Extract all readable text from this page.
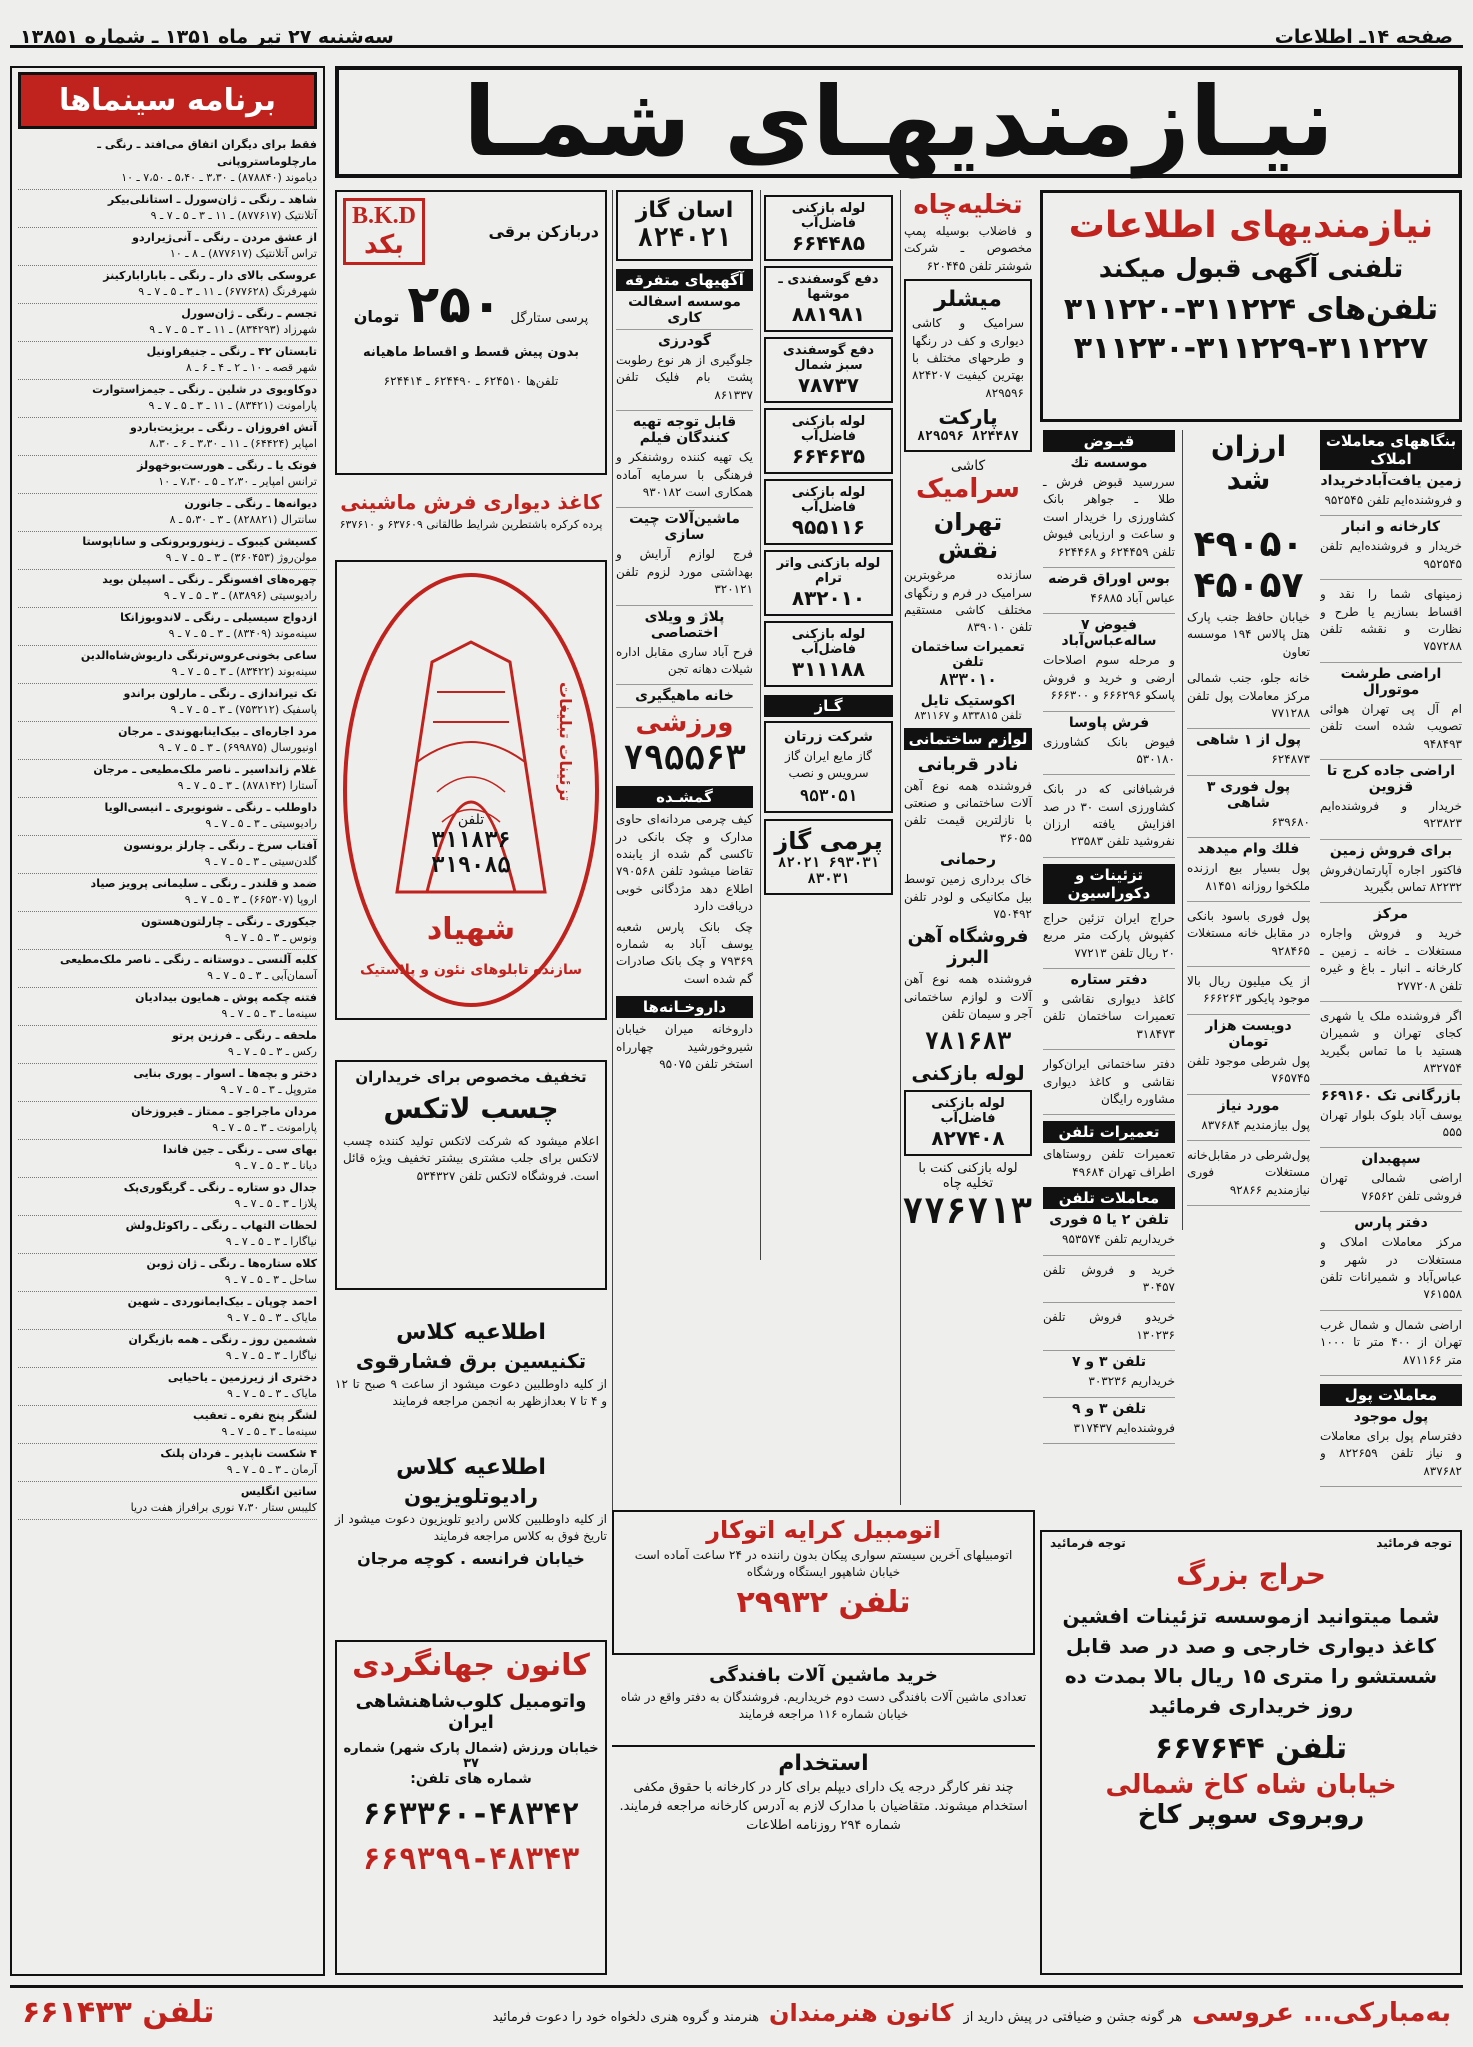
صفحه ۱۴ـ اطلاعات
سه‌شنبه ۲۷ تیر ماه ۱۳۵۱ ـ شماره ۱۳۸۵۱
نیـازمندیهـای شمـا
برنامه سینماها
فقط برای دیگران اتفاق می‌افتد ـ رنگی ـ مارچلوماستروپانی
دیاموند (۸۷۸۸۴۰) ـ ۳،۳۰ ـ ۵،۴۰ ـ ۷،۵۰ ـ ۱۰
شاهد ـ رنگی ـ ژان‌سورل ـ استانلی‌بیکر
آتلانتیک (۸۷۷۶۱۷) ـ ۱۱ ـ ۳ ـ ۵ ـ ۷ ـ ۹
از عشق مردن ـ رنگی ـ آنی‌ژیراردو
تراس آتلانتیک (۸۷۷۶۱۷) ـ ۸ ـ ۱۰
عروسکی بالای دار ـ رنگی ـ بابارابارکینز
شهرفرنگ (۶۷۷۶۲۸) ـ ۱۱ ـ ۳ ـ ۵ ـ ۷ ـ ۹
تجسم ـ رنگی ـ ژان‌سورل
شهرزاد (۸۳۴۲۹۳) ـ ۱۱ ـ ۳ ـ ۵ ـ ۷ ـ ۹
تابستان ۴۲ ـ رنگی ـ جنیفراونیل
شهر قصه ـ ۱۰ ـ ۲ ـ ۴ ـ ۶ ـ ۸
دوکاویوی در شلین ـ رنگی ـ جیمزاستوارت
پارامونت (۸۳۴۲۱) ـ ۱۱ ـ ۳ ـ ۵ ـ ۷ ـ ۹
آتش افروزان ـ رنگی ـ بریژیت‌باردو
امپایر (۶۴۴۲۴) ـ ۱۱ ـ ۳،۳۰ ـ ۶ ـ ۸،۳۰
فوتک یا ـ رنگی ـ هورست‌بوخهولز
ترانس امپایر ـ ۲،۳۰ ـ ۵ ـ ۷،۳۰ ـ ۱۰
دیوانه‌ها ـ رنگی ـ جانورن
سانترال (۸۲۸۸۲۱) ـ ۳ ـ ۵،۳۰ ـ ۸
کسیشن کیبوک ـ زینوروبرونکی و ساناپوستا
مولن‌روژ (۳۶۰۴۵۳) ـ ۳ ـ ۵ ـ ۷ ـ ۹
چهره‌های افسونگر ـ رنگی ـ اسپیلن بوید
رادیوسیتی (۸۳۸۹۶) ـ ۳ ـ ۵ ـ ۷ ـ ۹
ازدواج سیسیلی ـ رنگی ـ لاندوبوزانکا
سینه‌موند (۸۳۴۰۹) ـ ۳ ـ ۵ ـ ۷ ـ ۹
ساعی بخونی‌عروس‌ترنگی داریوش‌شاه‌الدین
سینه‌بوند (۸۳۴۲۲) ـ ۳ ـ ۵ ـ ۷ ـ ۹
تک تیراندازی ـ رنگی ـ مارلون براندو
پاسفیک (۷۵۳۲۱۲) ـ ۳ ـ ۵ ـ ۷ ـ ۹
مرد اجاره‌ای ـ بیک‌اینا‌بهوندی ـ مرجان
اونیورسال (۶۹۹۸۷۵) ـ ۳ ـ ۵ ـ ۷ ـ ۹
غلام زانداسیر ـ ناصر ملک‌مطیعی ـ مرجان
آستارا (۸۷۸۱۴۲) ـ ۳ ـ ۵ ـ ۷ ـ ۹
داوطلب ـ رنگی ـ شونو‌یری ـ انیسی‌الویا
رادیوسیتی ـ ۳ ـ ۵ ـ ۷ ـ ۹
آفتاب سرخ ـ رنگی ـ چارلز برونسون
گلدن‌سیتی ـ ۳ ـ ۵ ـ ۷ ـ ۹
ضمد و قلندر ـ رنگی ـ سلیمانی پرویز صیاد
اروپا (۶۶۵۳۰۷) ـ ۳ ـ ۵ ـ ۷ ـ ۹
جیکوری ـ رنگی ـ چارلتون‌هستون
ونوس ـ ۳ ـ ۵ ـ ۷ ـ ۹
کلبه آلنسی ـ دوستانه ـ رنگی ـ ناصر ملک‌مطیعی
آسمان‌آبی ـ ۳ ـ ۵ ـ ۷ ـ ۹
فتنه چکمه پوش ـ همایون بیدادیان
سینه‌ما ـ ۳ ـ ۵ ـ ۷ ـ ۹
ملحقه ـ رنگی ـ فرزین پرتو
رکس ـ ۳ ـ ۵ ـ ۷ ـ ۹
دختر و بچه‌ها ـ اسوار ـ پوری بنایی
متروپل ـ ۳ ـ ۵ ـ ۷ ـ ۹
مردان ماجراجو ـ ممتاز ـ فیروزخان
پارامونت ـ ۳ ـ ۵ ـ ۷ ـ ۹
بهای سی ـ رنگی ـ جین فاندا
دیانا ـ ۳ ـ ۵ ـ ۷ ـ ۹
جدال دو ستاره ـ رنگی ـ گریگوری‌پک
پلازا ـ ۳ ـ ۵ ـ ۷ ـ ۹
لحظات التهاب ـ رنگی ـ راکوئل‌ولش
نیاگارا ـ ۳ ـ ۵ ـ ۷ ـ ۹
کلاه ستاره‌ها ـ رنگی ـ ژان ژوبن
ساحل ـ ۳ ـ ۵ ـ ۷ ـ ۹
احمد چوپان ـ بیک‌ایمانوردی ـ شهین
مایاک ـ ۳ ـ ۵ ـ ۷ ـ ۹
ششمین روز ـ رنگی ـ همه بازیگران
نیاگارا ـ ۳ ـ ۵ ـ ۷ ـ ۹
دختری از زیرزمین ـ یاحیایی
مایاک ـ ۳ ـ ۵ ـ ۷ ـ ۹
لشگر پنج نفره ـ تعقیب
سینه‌ما ـ ۳ ـ ۵ ـ ۷ ـ ۹
۴ شکست ناپذیر ـ فردان پلنک
آرمان ـ ۳ ـ ۵ ـ ۷ ـ ۹
ساتین انگلیس
کلیبس ستار ۷،۳۰ نوری برافراز هفت دریا
بنگاههای معاملات املاک
زمین یافت‌آباد‌خریداد
و فروشنده‌ایم تلفن ۹۵۲۵۴۵
کارخانه و انبار
خریدار و فروشنده‌ایم تلفن ۹۵۲۵۴۵
زمینهای شما را نقد و اقساط بسازیم یا طرح و نظارت و نقشه تلفن ۷۵۷۲۸۸
اراضی طرشت موتورال
ام آل پی تهران هوائی تصویب شده است تلفن ۹۴۸۴۹۳
اراضی جاده کرج تا قزوین
خریدار و فروشنده‌ایم ۹۲۳۸۲۳
برای فروش زمین
فاکتور اجاره آپارتمان‌فروش ۸۲۲۳۲ تماس بگیرید
مرکز
خرید و فروش واجاره مستغلات ـ خانه ـ زمین ـ کارخانه ـ انبار ـ باغ و غیره تلفن ۲۷۷۲۰۸
اگر فروشنده ملک یا شهری کجای تهران و شمیران هستید با ما تماس بگیرید ۸۳۲۷۵۴
بازرگانی تک ۶۶۹۱۶۰
یوسف آباد بلوک بلوار تهران ۵۵۵
سپهبدان
اراضی شمالی تهران فروشی تلفن ۷۶۵۶۲
دفتر پارس
مرکز معاملات املاک و مستغلات در شهر و عباس‌آباد و شمیرانات تلفن ۷۶۱۵۵۸
اراضی شمال و شمال غرب تهران از ۴۰۰ متر تا ۱۰۰۰ متر ۸۷۱۱۶۶
معاملات پول
پول موجود
دفترسام پول برای معاملات و نیاز تلفن ۸۲۲۶۵۹ و ۸۳۷۶۸۲
نیازمندیهای اطلاعات
تلفنی آگهی قبول میکند
تلفن‌های ۳۱۱۲۲۴-۳۱۱۲۲۰
۳۱۱۲۳۰-۳۱۱۲۲۹-۳۱۱۲۲۷
ارزان شد
۴۹۰۵۰
۴۵۰۵۷
خیابان حافظ جنب پارک هتل پالاس ۱۹۴ موسسه تعاون
خانه جلو، جنب شمالی مرکز معاملات پول تلفن ۷۷۱۲۸۸
پول از ۱ شاهی
۶۲۴۸۷۳
پول فوری ۳ شاهی
۶۳۹۶۸۰
فلك وام میدهد
پول بسیار بیع ارزنده ملکخوا روزانه ۸۱۴۵۱
پول فوری باسود بانکی در مقابل خانه مستغلات ۹۲۸۴۶۵
از یک میلیون ریال بالا موجود پایکور ۶۶۶۲۶۳
دویست هزار تومان
پول شرطی موجود تلفن ۷۶۵۷۴۵
مورد نیاز
پول بیازمندیم ۸۳۷۶۸۴
پول‌شرطی در مقابل‌خانه مستغلات فوری نیازمندیم ۹۲۸۶۶
قبـوض
موسسه تك
سررسید قبوض فرش ـ طلا ـ جواهر بانک کشاورزی را خریدار است و ساعت و ارزیابی فیوش تلفن ۶۲۴۴۵۹ و ۶۲۴۴۶۸
بوس اوراق قرضه
عباس آباد ۴۶۸۸۵
فیوض ۷ ساله‌عباس‌آباد
و مرحله سوم اصلاحات ارضی و خرید و فروش پاسکو ۶۶۶۲۹۶ و ۶۶۶۳۰۰
فرش پاوسا
فیوض بانک کشاورزی ۵۳۰۱۸۰
فرشبافانی که در بانک کشاورزی است ۳۰ در صد افزایش یافته ارزان نفروشید تلفن ۲۳۵۸۳
تزئینات و دکوراسیون
حراج ایران تزئین حراج کفپوش پارکت متر مربع ۲۰ ریال تلفن ۷۷۲۱۳
دفتر ستاره
کاغذ دیواری نقاشی و تعمیرات ساختمان تلفن ۳۱۸۴۷۳
دفتر ساختمانی ایران‌کوار نقاشی و کاغذ دیواری مشاوره رایگان
تعمیرات تلفن
تعمیرات تلفن روستاهای اطراف تهران ۴۹۶۸۴
معاملات تلفن
تلفن ۲ یا ۵ فوری
خریداریم تلفن ۹۵۳۵۷۴
خرید و فروش تلفن ۳۰۴۵۷
خریدو فروش تلفن ۱۳۰۲۳۶
تلفن ۳ و ۷
خریداریم ۳۰۳۲۳۶
تلفن ۳ و ۹
فروشنده‌ایم ۳۱۷۴۳۷
تخلیه‌چاه
و فاضلاب بوسیله پمپ مخصوص ـ شرکت شوشتر تلفن ۶۲۰۴۴۵
میشلر
سرامیک و کاشی دیواری و کف در رنگها و طرحهای مختلف با بهترین کیفیت ۸۲۴۲۰۷ ۸۲۹۵۹۶
پارکت
۸۲۴۴۸۷ ۸۲۹۵۹۶
کاشی
سرامیک
تهران نقش
سازنده مرغوبترین سرامیک در فرم و رنگهای مختلف کاشی مستقیم تلفن ۸۳۹۰۱۰
تعمیرات ساختمان تلفن
۸۳۳۰۱۰
اکوستیک تایل
تلفن ۸۳۳۸۱۵ و ۸۳۱۱۶۷
لوازم ساختمانی
نادر قربانی
فروشنده همه نوع آهن آلات ساختمانی و صنعتی با نازلترین قیمت تلفن ۳۶۰۵۵
رحمانی
خاک برداری زمین توسط بیل مکانیکی و لودر تلفن ۷۵۰۴۹۲
فروشگاه آهن البرز
فروشنده همه نوع آهن آلات و لوازم ساختمانی آجر و سیمان تلفن
۷۸۱۶۸۳
لوله بازکنی
لوله بازکنی فاضل‌آب
۸۲۷۴۰۸
لوله بازکنی کنت با تخلیه چاه
۷۷۶۷۱۳
لوله بازکنی فاضل‌آب
۶۶۴۴۸۵
دفع گوسفندی ـ موشها
۸۸۱۹۸۱
دفع گوسفندی سبز شمال
۷۸۷۳۷
لوله بازکنی فاضل‌آب
۶۶۴۶۳۵
لوله بازکنی فاضل‌آب
۹۵۵۱۱۶
لوله بازکنی واتر ترام
۸۳۲۰۱۰
لوله بازکنی فاضل‌آب
۳۱۱۱۸۸
گـاز
شرکت زرتان
گاز مایع ایران گاز سرویس و نصب
۹۵۳۰۵۱
پرمی گاز
۶۹۳۰۳۱ ۸۲۰۲۱ ۸۳۰۳۱
اسان گاز
۸۲۴۰۲۱
آگهیهای متفرقه
موسسه اسفالت کاری
گودرزی
جلوگیری از هر نوع رطوبت پشت بام فلیک تلفن ۸۶۱۳۳۷
قابل توجه تهیه کنندگان فیلم
یک تهیه کننده روشنفکر و فرهنگی با سرمایه آماده همکاری است ۹۳۰۱۸۲
ماشین‌آلات چیت سازی
فرج لوازم آرایش و بهداشتی مورد لزوم تلفن ۳۲۰۱۲۱
پلاژ و ویلای اختصاصی
فرح آباد ساری مقابل اداره شیلات دهانه تجن
خانه ماهیگیری
ورزشی
۷۹۵۵۶۳
گمشـده
کیف چرمی مردانه‌ای حاوی مدارک و چک بانکی در تاکسی گم شده از یابنده تقاضا میشود تلفن ۷۹۰۵۶۸ اطلاع دهد مژدگانی خوبی دریافت دارد
چک بانک پارس شعبه یوسف آباد به شماره ۷۹۳۶۹ و چک بانک صادرات گم شده است
داروخـانه‌ها
داروخانه میران خیابان شیروخورشید چهارراه استخر تلفن ۹۵۰۷۵
دربازکن برقی
B.K.D
بکد
پرسی ستارگل
۲۵۰
تومان
بدون پیش قسط و اقساط ماهیانه
تلفن‌ها ۶۲۴۵۱۰ ـ ۶۲۴۴۹۰ ـ ۶۲۴۴۱۴
کاغذ دیواری فرش ماشینی
پرده کرکره باشتطرین شرایط طالقانی ۶۳۷۶۰۹ و ۶۳۷۶۱۰
تزئینات تبلیغات
تلفن
۳۱۱۸۳۶
۳۱۹۰۸۵
شهیاد
سازنده تابلوهای نئون و پلاستیک
تخفیف مخصوص برای خریداران
چسب لاتکس
اعلام میشود که شرکت لاتکس تولید کننده چسب لاتکس برای جلب مشتری بیشتر تخفیف ویژه قائل است. فروشگاه لاتکس تلفن ۵۳۴۳۲۷
اطلاعیه کلاس
تکنیسین برق فشارقوی
از کلیه داوطلبین دعوت میشود از ساعت ۹ صبح تا ۱۲ و ۴ تا ۷ بعدازظهر به انجمن مراجعه فرمایند
اطلاعیه کلاس
رادیوتلویزیون
از کلیه داوطلبین کلاس رادیو تلویزیون دعوت میشود از تاریخ فوق به کلاس مراجعه فرمایند
خیابان فرانسه . کوچه مرجان
اتومبیل کرایه اتوکار
اتومبیلهای آخرین سیستم سواری پیکان بدون راننده در ۲۴ ساعت آماده است خیابان شاهپور ایستگاه ورشگاه
تلفن ۲۹۹۳۲
خرید ماشین آلات بافندگی
تعدادی ماشین آلات بافندگی دست دوم خریداریم. فروشندگان به دفتر واقع در شاه خیابان شماره ۱۱۶ مراجعه فرمایند
استخدام
چند نفر کارگر درجه یک دارای دیپلم برای کار در کارخانه با حقوق مکفی استخدام میشوند. متقاضیان با مدارک لازم به آدرس کارخانه مراجعه فرمایند. شماره ۲۹۴ روزنامه اطلاعات
کانون جهانگردی
واتومبیل کلوب‌شاهنشاهی ایران
خیابان ورزش (شمال پارک شهر) شماره ۳۷
شماره های تلفن:
۶۶۳۳۶۰-۴۸۳۴۲
۶۶۹۳۹۹-۴۸۳۴۳
توجه فرمائید
توجه فرمائید
حراج بزرگ
شما میتوانید ازموسسه تزئینات افشین کاغذ دیواری خارجی و صد در صد قابل شستشو را متری ۱۵ ریال بالا بمدت ده روز خریداری فرمائید
تلفن ۶۶۷۶۴۴
خیابان شاه کاخ شمالی
روبروی سوپر کاخ
به‌مبارکی... عروسی
هر گونه جشن و ضیافتی در پیش دارید از
کانون هنرمندان
هنرمند و گروه هنری دلخواه خود را دعوت فرمائید
تلفن ۶۶۱۴۳۳
